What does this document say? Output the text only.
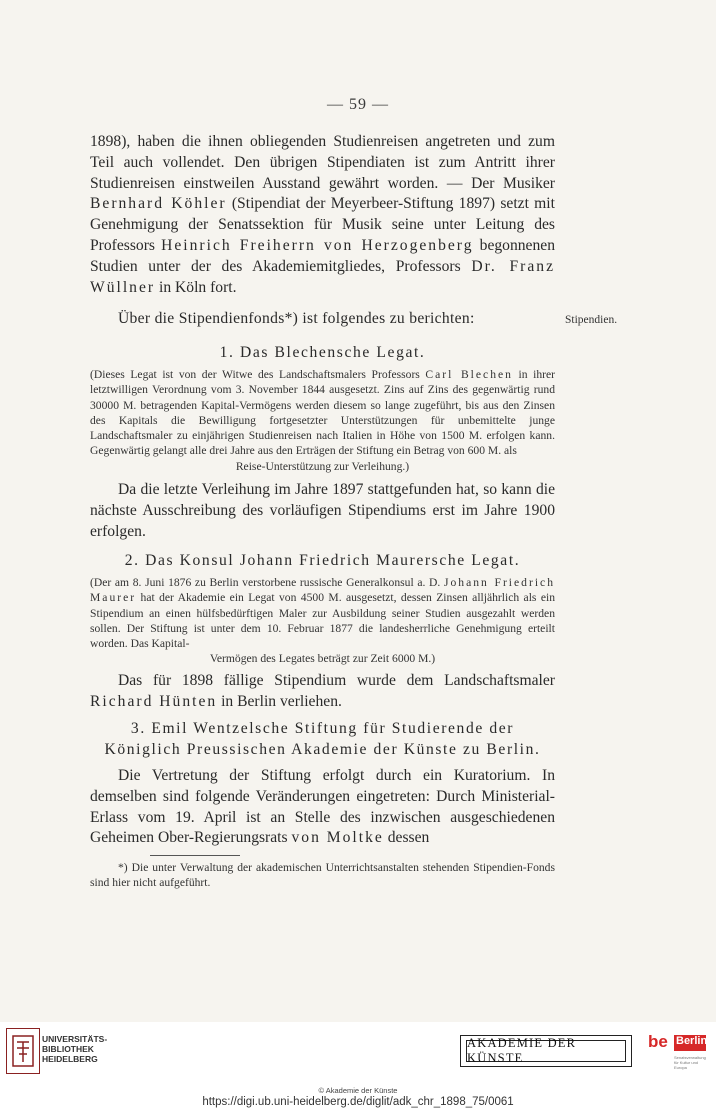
— 59 —

1898), haben die ihnen obliegenden Studienreisen angetreten und zum Teil auch vollendet. Den übrigen Stipendiaten ist zum Antritt ihrer Studienreisen einstweilen Ausstand gewährt worden. — Der Musiker Bernhard Köhler (Stipendiat der Meyerbeer-Stiftung 1897) setzt mit Genehmigung der Senatssektion für Musik seine unter Leitung des Professors Heinrich Freiherrn von Herzogenberg begonnenen Studien unter der des Akademiemitgliedes, Professors Dr. Franz Wüllner in Köln fort.

Über die Stipendienfonds*) ist folgendes zu berichten:	Stipendien.

1. Das Blechensche Legat.

(Dieses Legat ist von der Witwe des Landschaftsmalers Professors Carl Blechen in ihrer letztwilligen Verordnung vom 3. November 1844 ausgesetzt. Zins auf Zins des gegenwärtig rund 30000 M. betragenden Kapital-Vermögens werden diesem so lange zugeführt, bis aus den Zinsen des Kapitals die Bewilligung fortgesetzter Unterstützungen für unbemittelte junge Landschaftsmaler zu einjährigen Studienreisen nach Italien in Höhe von 1500 M. erfolgen kann. Gegenwärtig gelangt alle drei Jahre aus den Erträgen der Stiftung ein Betrag von 600 M. als

Reise-Unterstützung zur Verleihung.)

Da die letzte Verleihung im Jahre 1897 stattgefunden hat, so kann die nächste Ausschreibung des vorläufigen Stipendiums erst im Jahre 1900 erfolgen.

2. Das Konsul Johann Friedrich Maurersche Legat.

(Der am 8. Juni 1876 zu Berlin verstorbene russische Generalkonsul a. D. Johann Friedrich Maurer hat der Akademie ein Legat von 4500 M. ausgesetzt, dessen Zinsen alljährlich als ein Stipendium an einen hülfsbedürftigen Maler zur Ausbildung seiner Studien ausgezahlt werden sollen. Der Stiftung ist unter dem 10. Februar 1877 die landesherrliche Genehmigung erteilt worden. Das Kapital-

Vermögen des Legates beträgt zur Zeit 6000 M.)

Das für 1898 fällige Stipendium wurde dem Landschaftsmaler Richard Hünten in Berlin verliehen.

3. Emil Wentzelsche Stiftung für Studierende der

Königlich Preussischen Akademie der Künste zu Berlin.

Die Vertretung der Stiftung erfolgt durch ein Kuratorium. In demselben sind folgende Veränderungen eingetreten: Durch Ministerial-Erlass vom 19. April ist an Stelle des inzwischen ausgeschiedenen Geheimen Ober-Regierungsrats von Moltke dessen

*) Die unter Verwaltung der akademischen Unterrichtsanstalten stehenden Stipendien-Fonds sind hier nicht aufgeführt.
UNIVERSITÄTS-
BIBLIOTHEK
HEIDELBERG
AKADEMIE DER KÜNSTE
be Berlin
Senatsverwaltung für Kultur und Europa
© Akademie der Künste
https://digi.ub.uni-heidelberg.de/diglit/adk_chr_1898_75/0061
